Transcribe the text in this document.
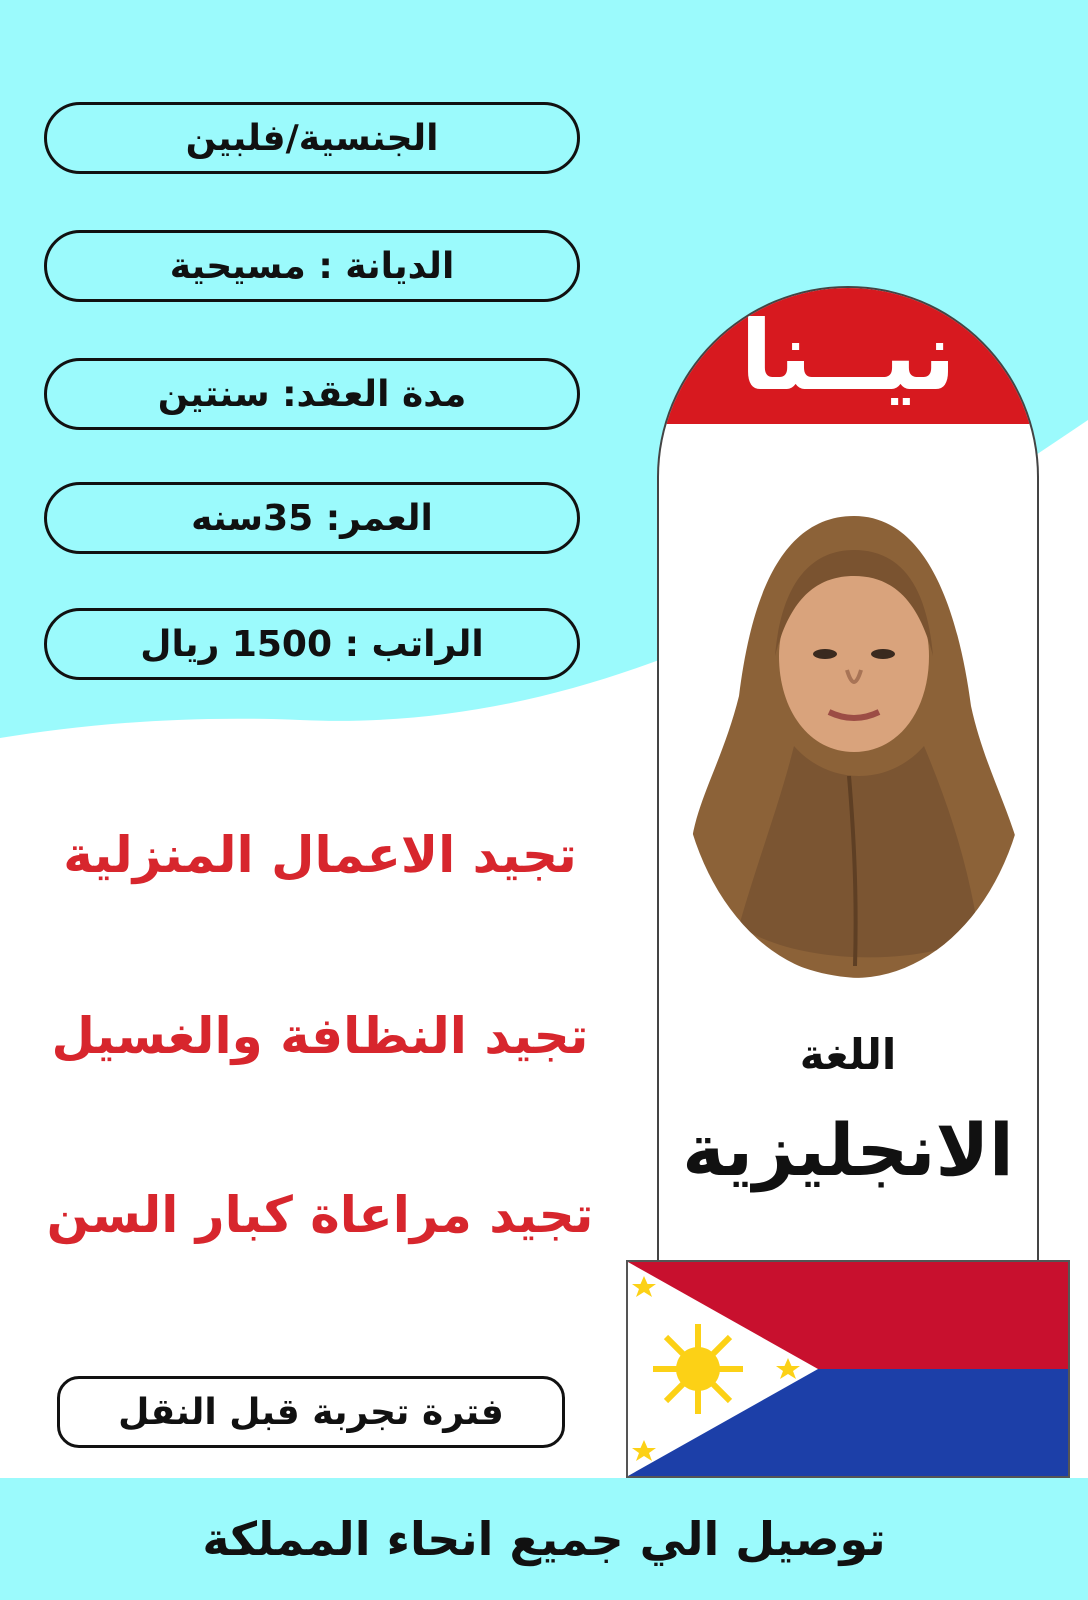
الجنسية/فلبين
الديانة : مسيحية
مدة العقد: سنتين
العمر: 35سنه
الراتب : 1500 ريال
تجيد الاعمال المنزلية
تجيد النظافة والغسيل
تجيد مراعاة كبار السن
فترة تجربة قبل النقل
نيــنا
اللغة
الانجليزية
توصيل الي جميع انحاء المملكة
